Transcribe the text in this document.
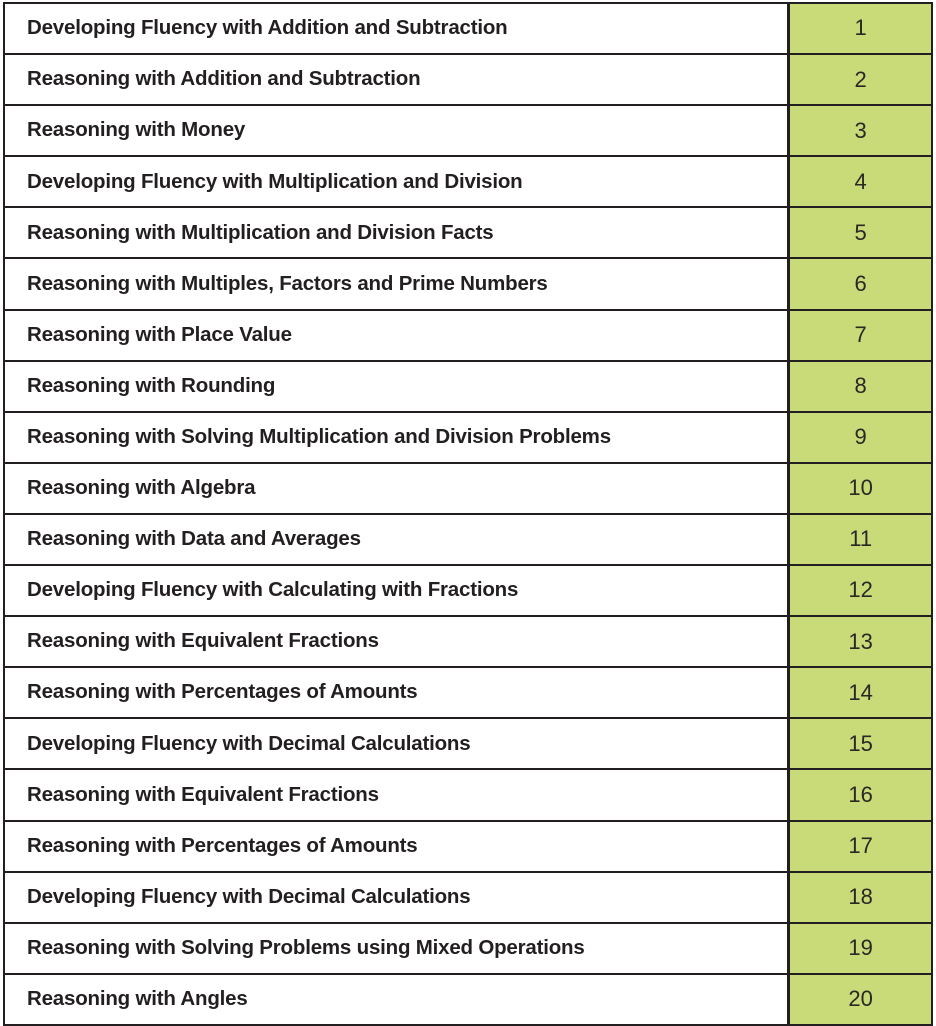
Developing Fluency with Addition and Subtraction	1
Reasoning with Addition and Subtraction	2
Reasoning with Money	3
Developing Fluency with Multiplication and Division	4
Reasoning with Multiplication and Division Facts	5
Reasoning with Multiples, Factors and Prime Numbers	6
Reasoning with Place Value	7
Reasoning with Rounding	8
Reasoning with Solving Multiplication and Division Problems	9
Reasoning with Algebra	10
Reasoning with Data and Averages	11
Developing Fluency with Calculating with Fractions	12
Reasoning with Equivalent Fractions	13
Reasoning with Percentages of Amounts	14
Developing Fluency with Decimal Calculations	15
Reasoning with Equivalent Fractions	16
Reasoning with Percentages of Amounts	17
Developing Fluency with Decimal Calculations	18
Reasoning with Solving Problems using Mixed Operations	19
Reasoning with Angles	20
